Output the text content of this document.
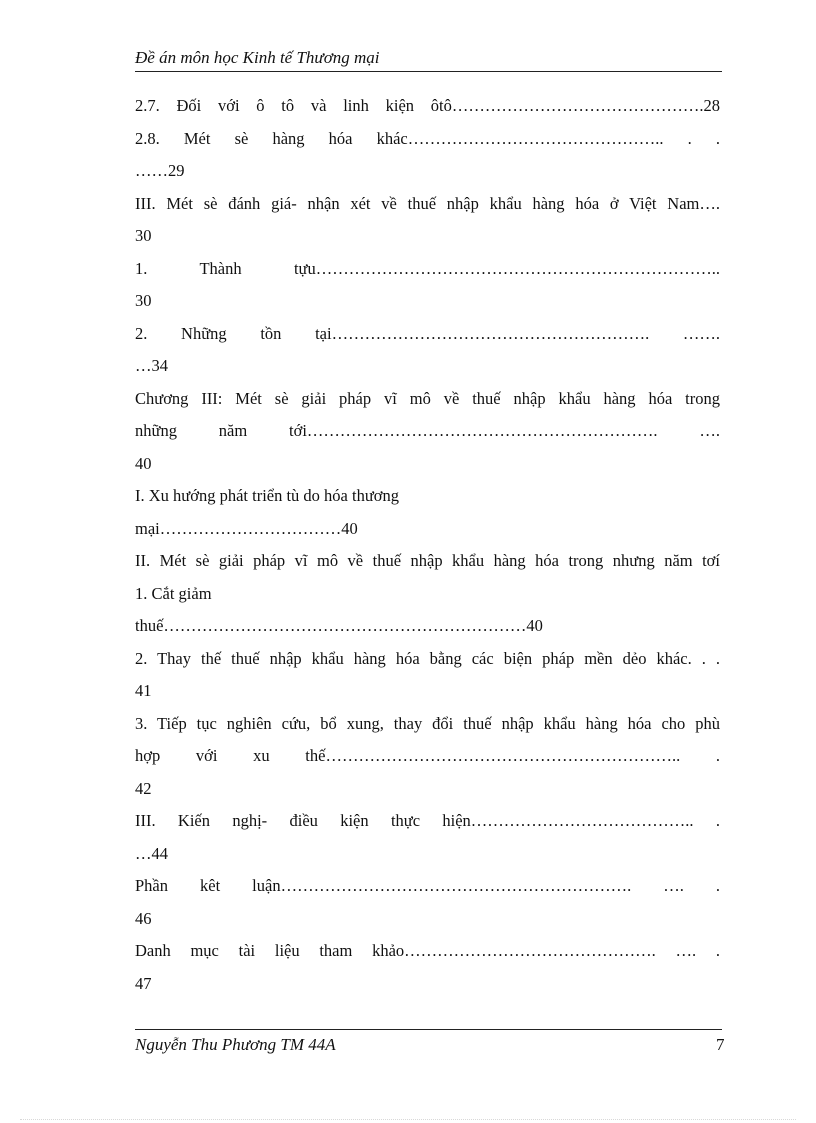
Đề án môn học Kinh tế Thương mại
2.7. Đối với ô tô và linh kiện ôtô……………………………………….28
2.8. Mét sè hàng hóa khác……………………………………….. . .
……29
III. Mét sè đánh giá- nhận xét về thuế nhập khẩu hàng hóa ở Việt Nam….
30
1. Thành tựu………………………………………………………………..
30
2. Những tồn tại…………………………………………………. …….
…34
Chương III: Mét sè giải pháp vĩ mô về thuế nhập khẩu hàng hóa trong
những năm tới………………………………………………………. ….
40
I. Xu hướng phát triển tù do hóa thương
mại……………………………40
II. Mét sè giải pháp vĩ mô về thuế nhập khẩu hàng hóa trong nhưng năm tơí
1. Cắt giảm
thuế…………………………………………………………40
2. Thay thế thuế nhập khẩu hàng hóa bằng các biện pháp mền dẻo khác. . .
41
3. Tiếp tục nghiên cứu, bổ xung, thay đổi thuế nhập khẩu hàng hóa cho phù
hợp với xu thế……………………………………………………….. .
42
III. Kiến nghị- điều kiện thực hiện………………………………….. .
…44
Phần kêt luận………………………………………………………. …. .
46
Danh mục tài liệu tham khảo………………………………………. …. .
47
Nguyễn Thu Phương TM 44A	7
